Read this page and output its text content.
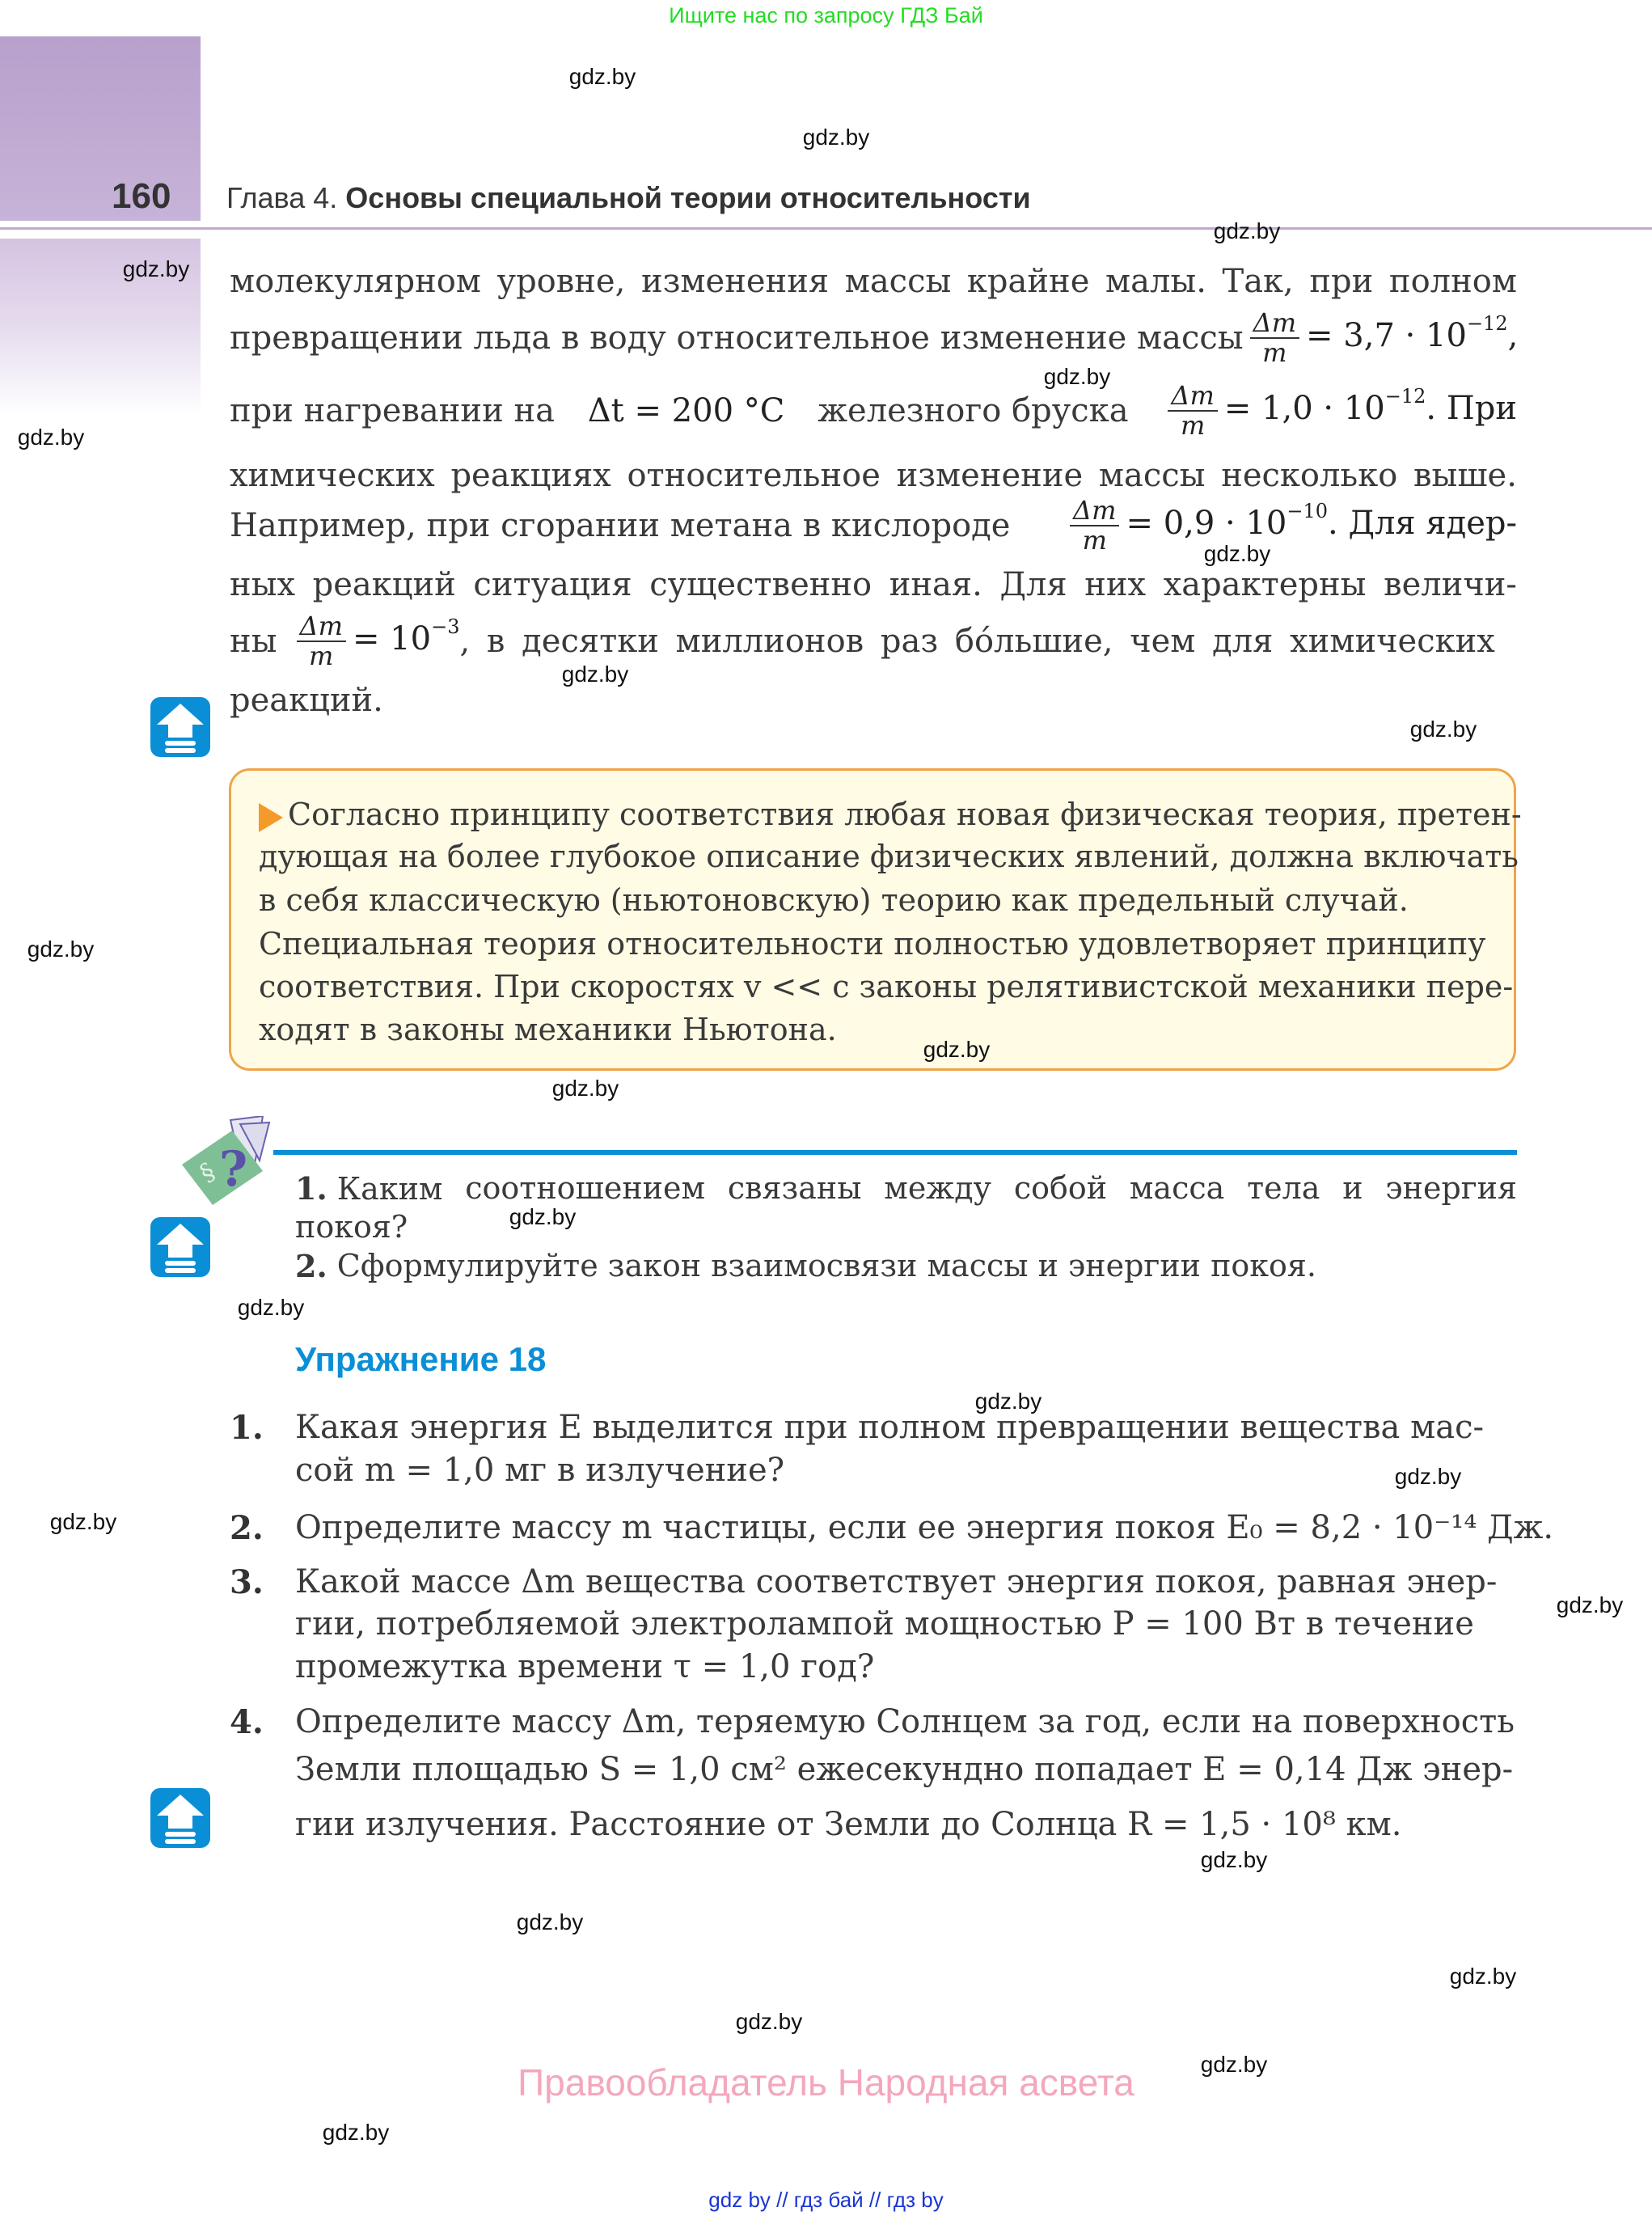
Ищите нас по запросу ГДЗ Бай
160 Глава 4. Основы специальной теории относительности
молекулярном уровне, изменения массы крайне малы. Так, при полном
превращении льда в воду относительное изменение массы $\frac{\Delta m}{m} = 3,7 \cdot 10^{-12}$,
при нагревании на Δt = 200 °C железного бруска $\frac{\Delta m}{m} = 1,0 \cdot 10^{-12}$. При
химических реакциях относительное изменение массы несколько выше.
Например, при сгорании метана в кислороде $\frac{\Delta m}{m} = 0,9 \cdot 10^{-10}$. Для ядер-
ных реакций ситуация существенно иная. Для них характерны величи-
ны $\frac{\Delta m}{m} = 10^{-3}$ , в десятки миллионов раз бóльшие, чем для химических
реакций.
Согласно принципу соответствия любая новая физическая теория, претен-
дующая на более глубокое описание физических явлений, должна включать
в себя классическую (ньютоновскую) теорию как предельный случай.
Специальная теория относительности полностью удовлетворяет принципу
соответствия. При скоростях v << c законы релятивистской механики пере-
ходят в законы механики Ньютона.
§ ? 1. Каким соотношением связаны между собой масса тела и энергия
покоя?
2.
Сформулируйте закон взаимосвязи массы и энергии покоя.
Упражнение 18
1. Какая энергия E выделится при полном превращении вещества мас-
сой m = 1,0 мг в излучение?
2. Определите массу m частицы, если ее энергия покоя E₀ = 8,2 · 10⁻¹⁴ Дж.
3. Какой массе Δm вещества соответствует энергия покоя, равная энер-
гии, потребляемой электролампой мощностью P = 100 Вт в течение
промежутка времени τ = 1,0 год?
4. Определите массу Δm, теряемую Солнцем за год, если на поверхность
Земли площадью S = 1,0 см² ежесекундно попадает E = 0,14 Дж энер-
гии излучения. Расстояние от Земли до Солнца R = 1,5 · 10⁸ км.
gdz.by
gdz.by
gdz.by
gdz.by
gdz.by
gdz.by
gdz.by
gdz.by
gdz.by
gdz.by
gdz.by
gdz.by
gdz.by
gdz.by
gdz.by
gdz.by
gdz.by
gdz.by
gdz.by
gdz.by
gdz.by
gdz.by
gdz.by
gdz.by
Правообладатель Народная асвета
gdz by // гдз бай // гдз by
